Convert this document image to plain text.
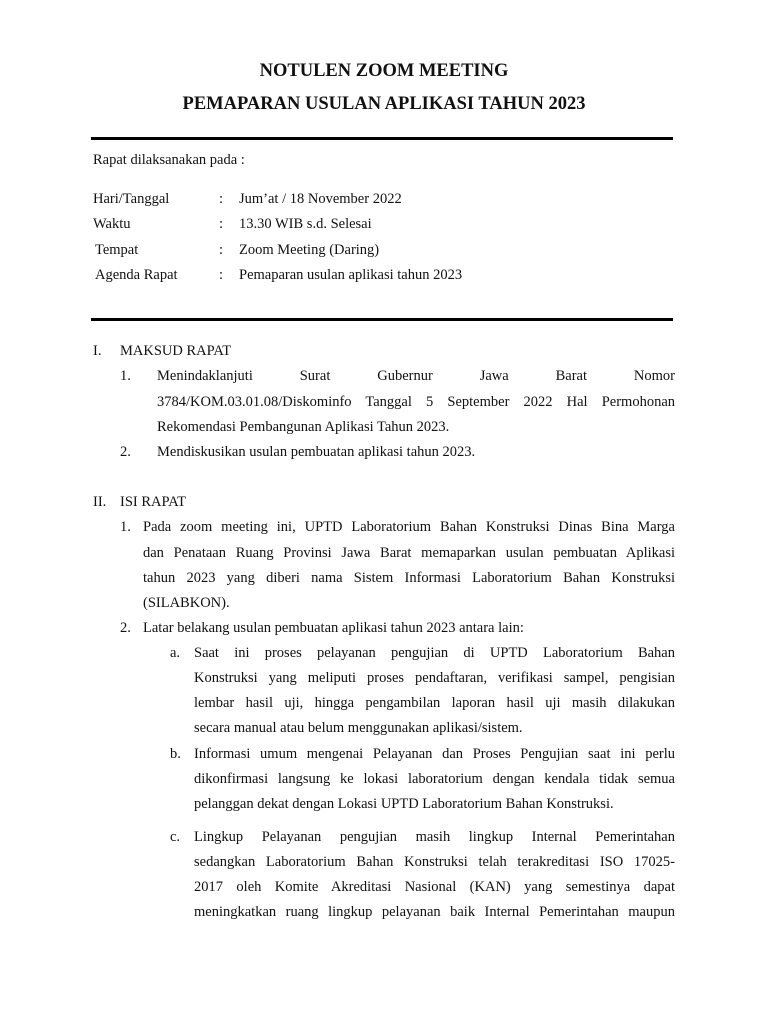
NOTULEN ZOOM MEETING
PEMAPARAN USULAN APLIKASI TAHUN 2023
Rapat dilaksanakan pada :
Hari/Tanggal	: Jum’at / 18 November 2022
Waktu	: 13.30 WIB s.d. Selesai
Tempat	: Zoom Meeting (Daring)
Agenda Rapat	: Pemaparan usulan aplikasi tahun 2023
I. MAKSUD RAPAT
1. Menindaklanjuti Surat Gubernur Jawa Barat Nomor
3784/KOM.03.01.08/Diskominfo Tanggal 5 September 2022 Hal Permohonan
Rekomendasi Pembangunan Aplikasi Tahun 2023.
2. Mendiskusikan usulan pembuatan aplikasi tahun 2023.
II. ISI RAPAT
1. Pada zoom meeting ini, UPTD Laboratorium Bahan Konstruksi Dinas Bina Marga
dan Penataan Ruang Provinsi Jawa Barat memaparkan usulan pembuatan Aplikasi
tahun 2023 yang diberi nama Sistem Informasi Laboratorium Bahan Konstruksi
(SILABKON).
2. Latar belakang usulan pembuatan aplikasi tahun 2023 antara lain:
a. Saat ini proses pelayanan pengujian di UPTD Laboratorium Bahan
Konstruksi yang meliputi proses pendaftaran, verifikasi sampel, pengisian
lembar hasil uji, hingga pengambilan laporan hasil uji masih dilakukan
secara manual atau belum menggunakan aplikasi/sistem.
b. Informasi umum mengenai Pelayanan dan Proses Pengujian saat ini perlu
dikonfirmasi langsung ke lokasi laboratorium dengan kendala tidak semua
pelanggan dekat dengan Lokasi UPTD Laboratorium Bahan Konstruksi.
c. Lingkup Pelayanan pengujian masih lingkup Internal Pemerintahan
sedangkan Laboratorium Bahan Konstruksi telah terakreditasi ISO 17025-
2017 oleh Komite Akreditasi Nasional (KAN) yang semestinya dapat
meningkatkan ruang lingkup pelayanan baik Internal Pemerintahan maupun
